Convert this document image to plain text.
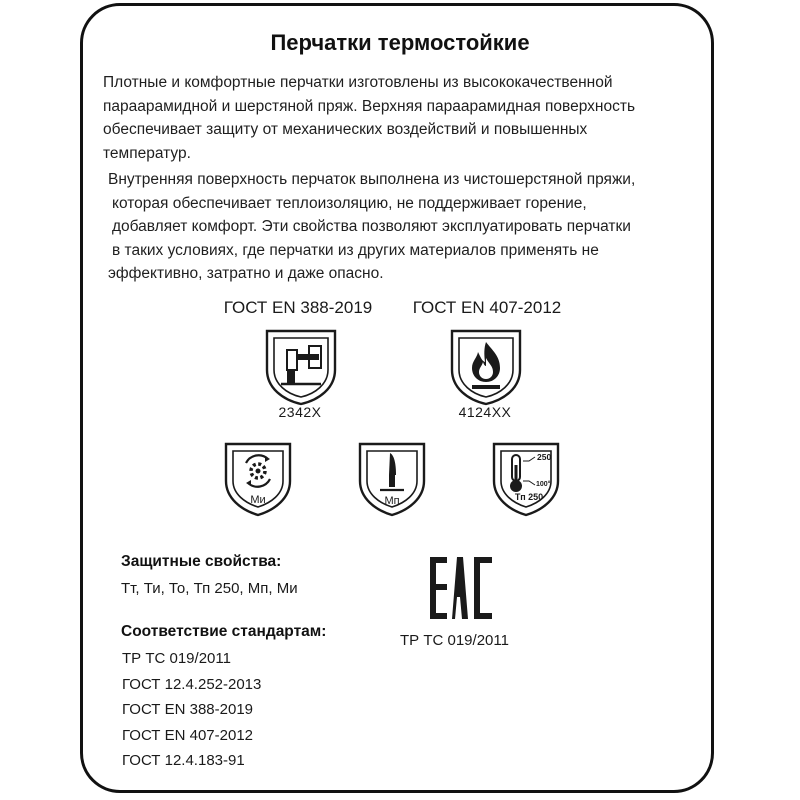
Перчатки термостойкие
Плотные и комфортные перчатки изготовлены из высококачественной
параарамидной и шерстяной пряж. Верхняя параарамидная поверхность
обеспечивает защиту от механических воздействий и повышенных
температур.
Внутренняя поверхность перчаток выполнена из чистошерстяной пряжи,
которая обеспечивает теплоизоляцию, не поддерживает горение,
добавляет комфорт. Эти свойства позволяют эксплуатировать перчатки
в таких условиях, где перчатки из других материалов применять не
эффективно, затратно и даже опасно.
ГОСТ EN 388-2019
2342X
ГОСТ EN 407-2012
4124XX
Ми	Мп
250
100°
Тп 250
Защитные свойства:
Тт, Ти, То, Тп 250, Мп, Ми
ТР ТС 019/2011
Соответствие стандартам:
ТР ТС 019/2011
ГОСТ 12.4.252-2013
ГОСТ EN 388-2019
ГОСТ EN 407-2012
ГОСТ 12.4.183-91
